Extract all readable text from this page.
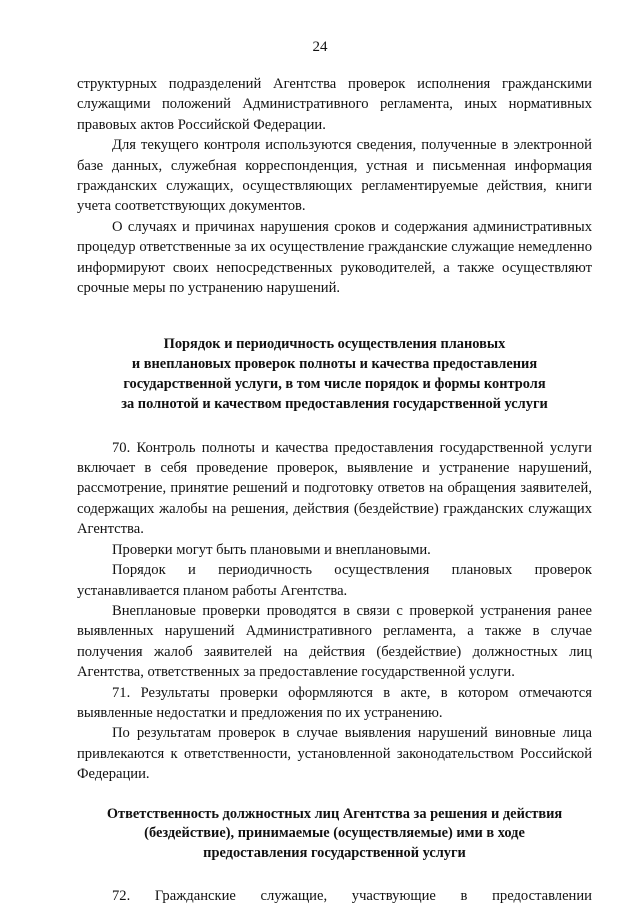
24

структурных подразделений Агентства проверок исполнения гражданскими служащими положений Административного регламента, иных нормативных правовых актов Российской Федерации.

Для текущего контроля используются сведения, полученные в электронной базе данных, служебная корреспонденция, устная и письменная информация гражданских служащих, осуществляющих регламентируемые действия, книги учета соответствующих документов.

О случаях и причинах нарушения сроков и содержания административных процедур ответственные за их осуществление гражданские служащие немедленно информируют своих непосредственных руководителей, а также осуществляют срочные меры по устранению нарушений.

Порядок и периодичность осуществления плановых
и внеплановых проверок полноты и качества предоставления
государственной услуги, в том числе порядок и формы контроля
за полнотой и качеством предоставления государственной услуги

70. Контроль полноты и качества предоставления государственной услуги включает в себя проведение проверок, выявление и устранение нарушений, рассмотрение, принятие решений и подготовку ответов на обращения заявителей, содержащих жалобы на решения, действия (бездействие) гражданских служащих Агентства.

Проверки могут быть плановыми и внеплановыми.

Порядок и периодичность осуществления плановых проверок устанавливается планом работы Агентства.

Внеплановые проверки проводятся в связи с проверкой устранения ранее выявленных нарушений Административного регламента, а также в случае получения жалоб заявителей на действия (бездействие) должностных лиц Агентства, ответственных за предоставление государственной услуги.

71. Результаты проверки оформляются в акте, в котором отмечаются выявленные недостатки и предложения по их устранению.

По результатам проверок в случае выявления нарушений виновные лица привлекаются к ответственности, установленной законодательством Российской Федерации.

Ответственность должностных лиц Агентства за решения и действия
(бездействие), принимаемые (осуществляемые) ими в ходе
предоставления государственной услуги

72. Гражданские служащие, участвующие в предоставлении
